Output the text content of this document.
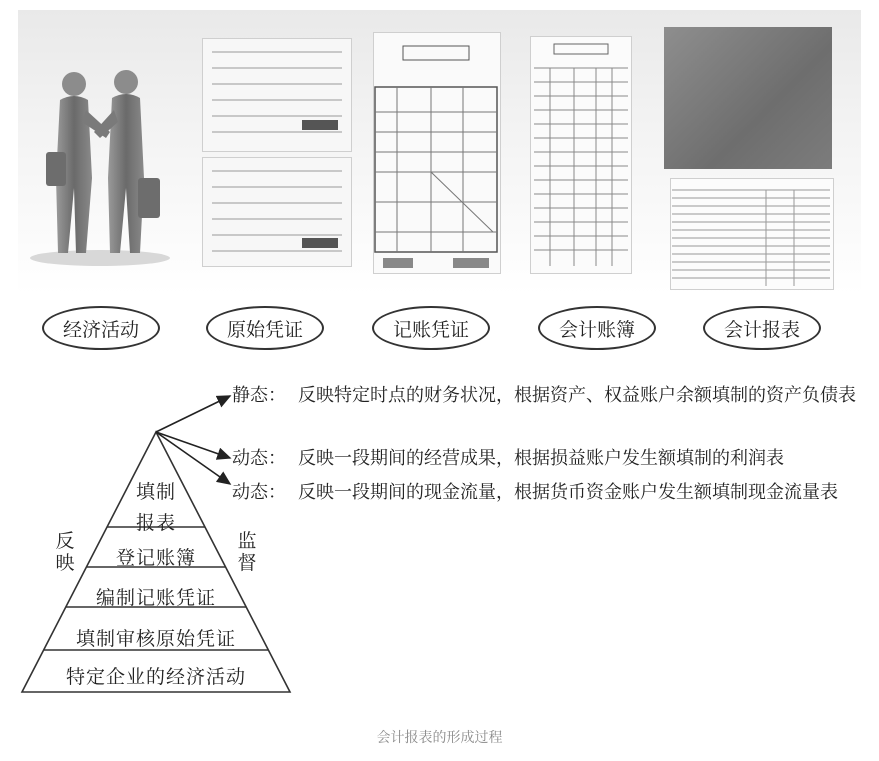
经济活动	原始凭证	记账凭证	会计账簿	会计报表
填制
报表
登记账簿
编制记账凭证
填制审核原始凭证
特定企业的经济活动
反映
监督
静态： 反映特定时点的财务状况，根据资产、权益账户余额填制的资产负债表
动态： 反映一段期间的经营成果，根据损益账户发生额填制的利润表
动态： 反映一段期间的现金流量，根据货币资金账户发生额填制现金流量表
会计报表的形成过程
